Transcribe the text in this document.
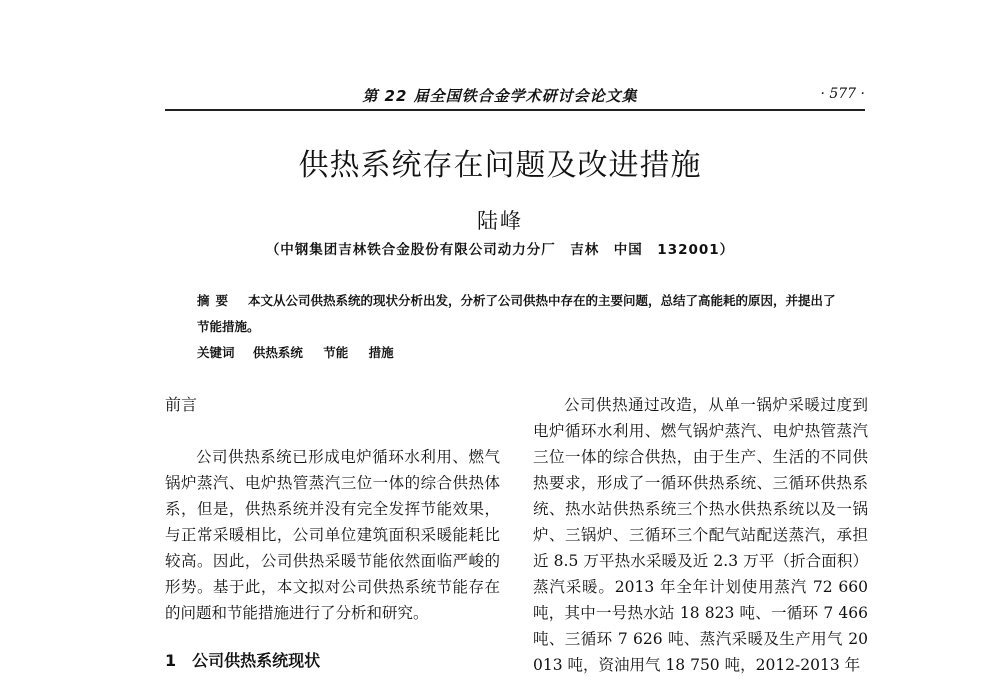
第 22 届全国铁合金学术研讨会论文集	· 577 ·
供热系统存在问题及改进措施
陆峰
（中钢集团吉林铁合金股份有限公司动力分厂　吉林　中国　132001）
摘要 本文从公司供热系统的现状分析出发，分析了公司供热中存在的主要问题，总结了高能耗的原因，并提出了节能措施。
关键词 供热系统 节能 措施
前言

公司供热系统已形成电炉循环水利用、燃气锅炉蒸汽、电炉热管蒸汽三位一体的综合供热体系，但是，供热系统并没有完全发挥节能效果，与正常采暖相比，公司单位建筑面积采暖能耗比较高。因此，公司供热采暖节能依然面临严峻的形势。基于此，本文拟对公司供热系统节能存在的问题和节能措施进行了分析和研究。

1　公司供热系统现状

公司供热通过改造，从单一锅炉采暖过度到电炉循环水利用、燃气锅炉蒸汽、电炉热管蒸汽三位一体的综合供热，由于生产、生活的不同供热要求，形成了一循环供热系统、三循环供热系统、热水站供热系统三个热水供热系统以及一锅炉、三锅炉、三循环三个配气站配送蒸汽，承担近 8.5 万平热水采暖及近 2.3 万平（折合面积）蒸汽采暖。2013 年全年计划使用蒸汽 72 660 吨，其中一号热水站 18 823 吨、一循环 7 466 吨、三循环 7 626 吨、蒸汽采暖及生产用气 20 013 吨，资油用气 18 750 吨，2012-2013 年
